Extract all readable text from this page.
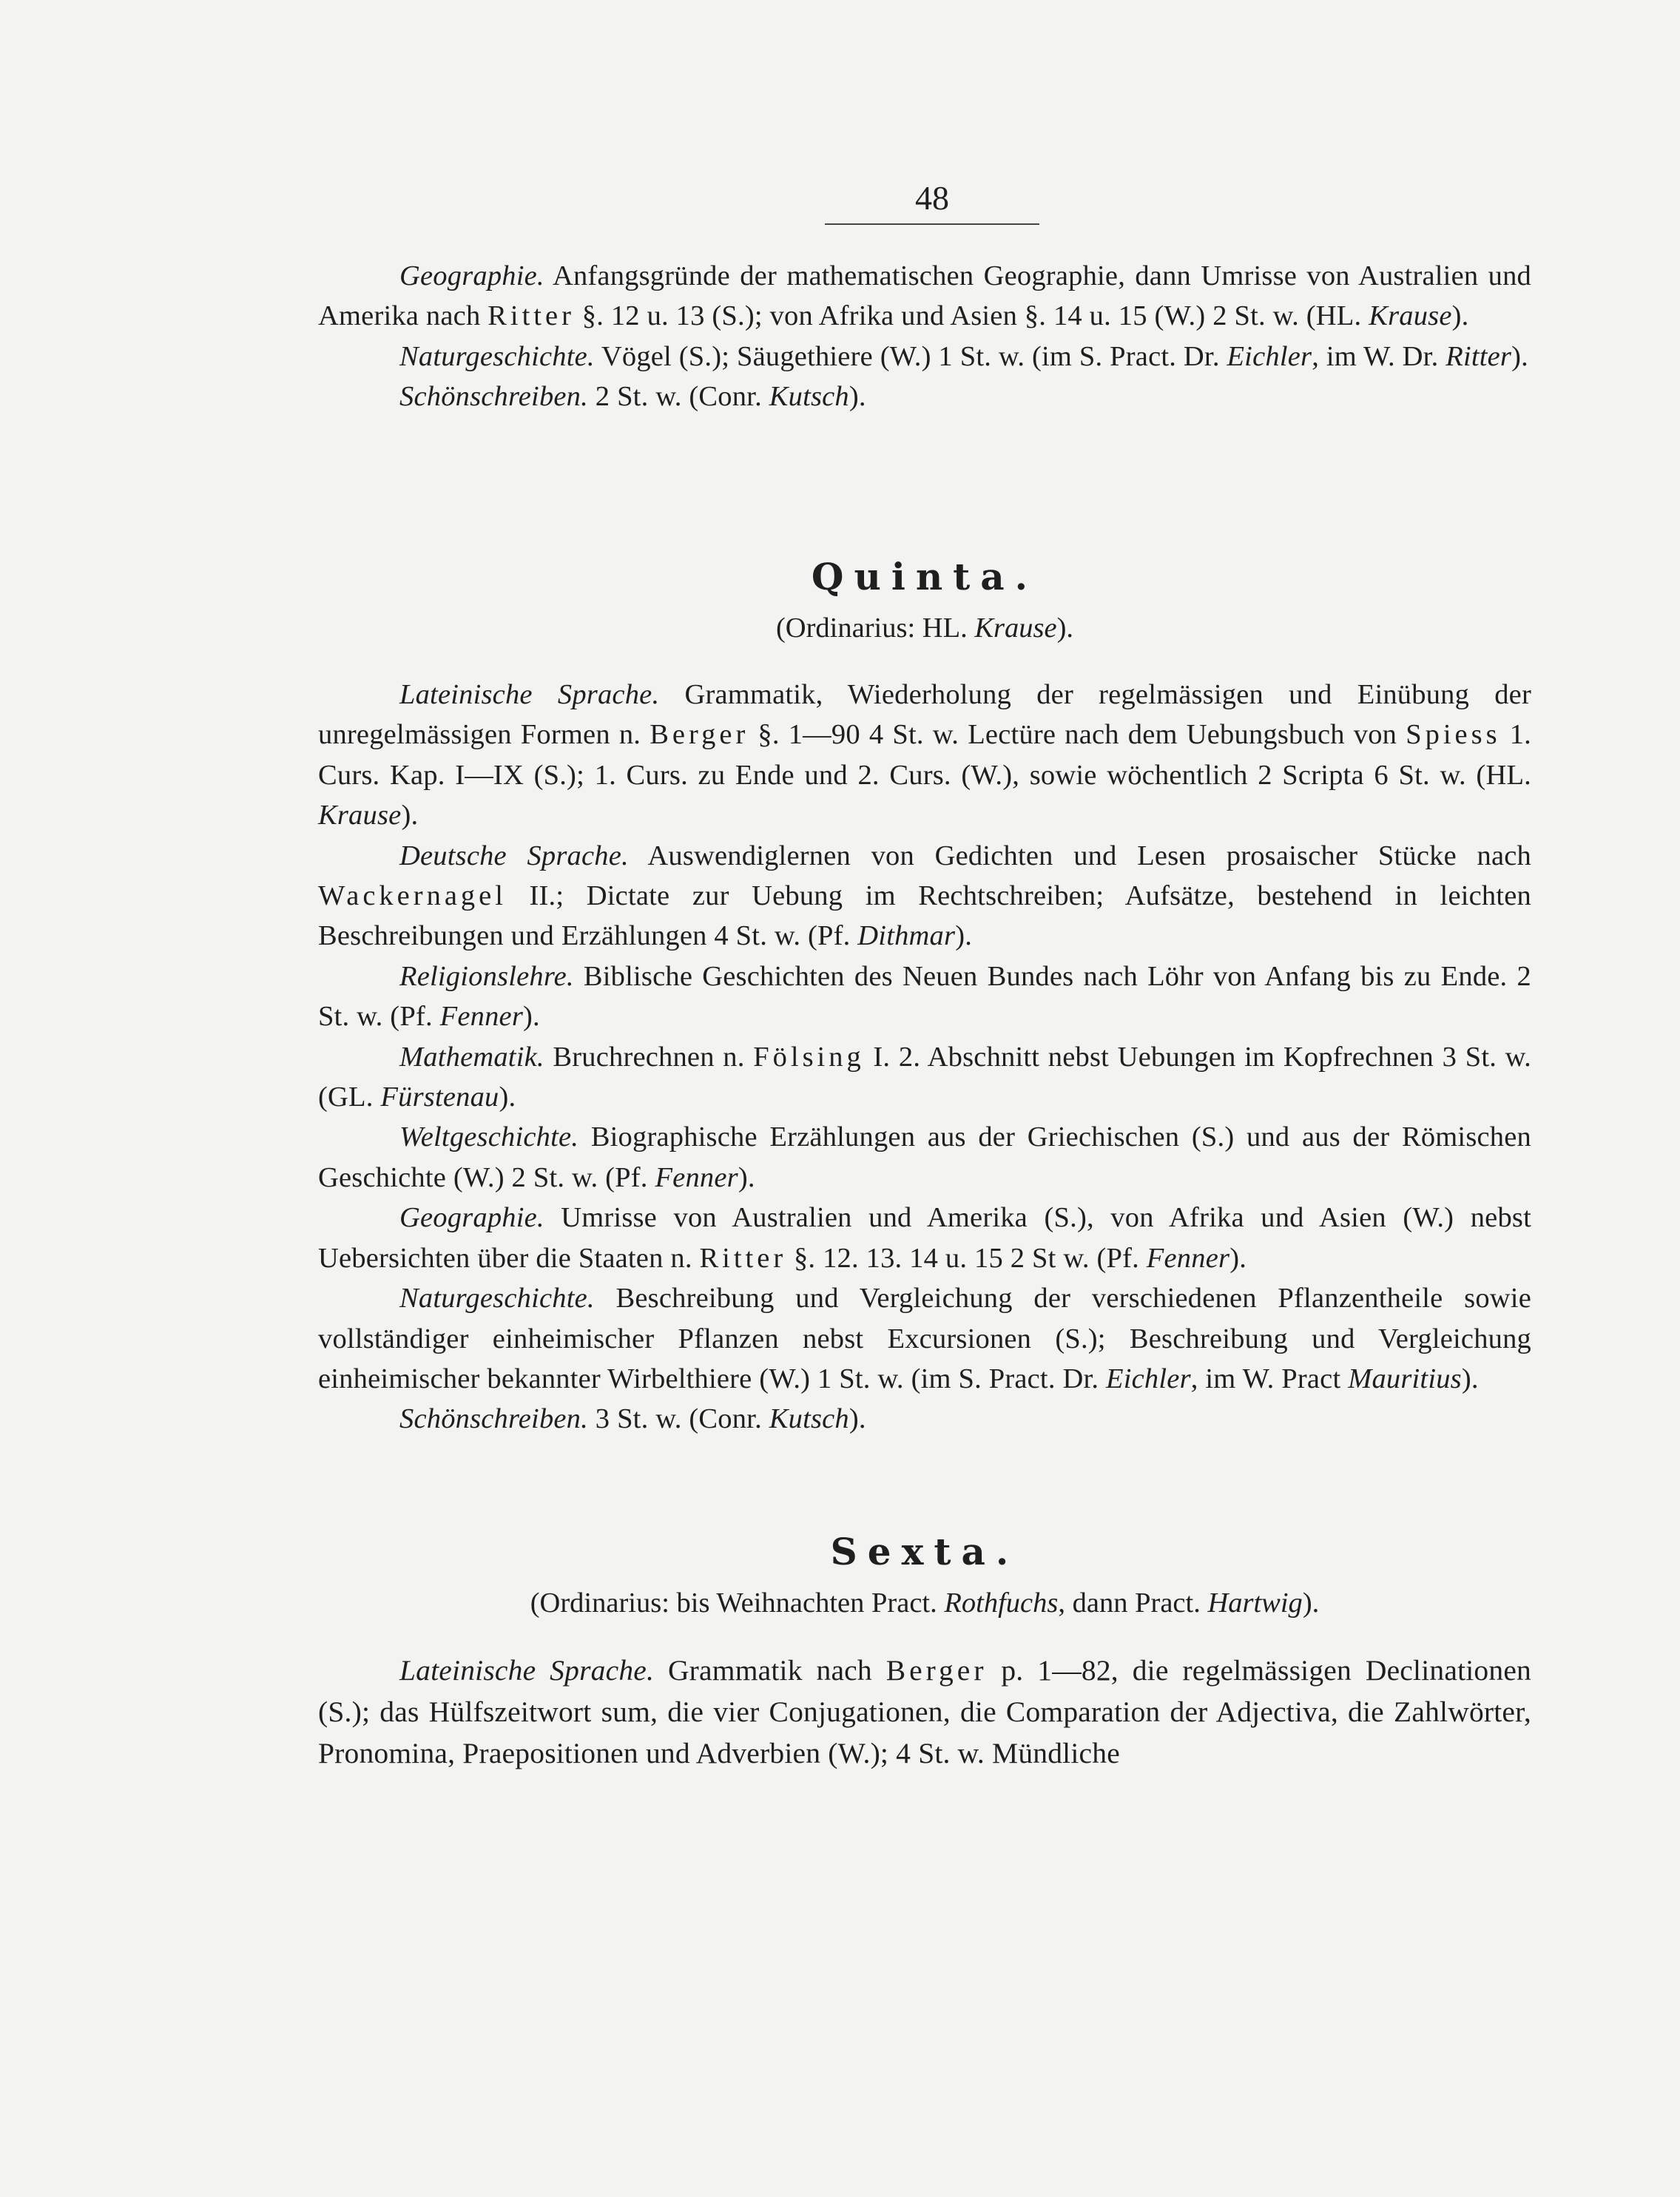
48

Geographie. Anfangsgründe der mathematischen Geographie, dann Umrisse von Australien und Amerika nach Ritter §. 12 u. 13 (S.); von Afrika und Asien §. 14 u. 15 (W.) 2 St. w. (HL. Krause).

Naturgeschichte. Vögel (S.); Säugethiere (W.) 1 St. w. (im S. Pract. Dr. Eichler, im W. Dr. Ritter).

Schönschreiben. 2 St. w. (Conr. Kutsch).

Quinta.
(Ordinarius: HL. Krause).

Lateinische Sprache. Grammatik, Wiederholung der regelmässigen und Einübung der unregelmässigen Formen n. Berger §. 1—90 4 St. w. Lectüre nach dem Uebungsbuch von Spiess 1. Curs. Kap. I—IX (S.); 1. Curs. zu Ende und 2. Curs. (W.), sowie wöchentlich 2 Scripta 6 St. w. (HL. Krause).

Deutsche Sprache. Auswendiglernen von Gedichten und Lesen prosaischer Stücke nach Wackernagel II.; Dictate zur Uebung im Rechtschreiben; Aufsätze, bestehend in leichten Beschreibungen und Erzählungen 4 St. w. (Pf. Dithmar).

Religionslehre. Biblische Geschichten des Neuen Bundes nach Löhr von Anfang bis zu Ende. 2 St. w. (Pf. Fenner).

Mathematik. Bruchrechnen n. Fölsing I. 2. Abschnitt nebst Uebungen im Kopfrechnen 3 St. w. (GL. Fürstenau).

Weltgeschichte. Biographische Erzählungen aus der Griechischen (S.) und aus der Römischen Geschichte (W.) 2 St. w. (Pf. Fenner).

Geographie. Umrisse von Australien und Amerika (S.), von Afrika und Asien (W.) nebst Uebersichten über die Staaten n. Ritter §. 12. 13. 14 u. 15 2 St w. (Pf. Fenner).

Naturgeschichte. Beschreibung und Vergleichung der verschiedenen Pflanzentheile sowie vollständiger einheimischer Pflanzen nebst Excursionen (S.); Beschreibung und Vergleichung einheimischer bekannter Wirbelthiere (W.) 1 St. w. (im S. Pract. Dr. Eichler, im W. Pract Mauritius).

Schönschreiben. 3 St. w. (Conr. Kutsch).

Sexta.
(Ordinarius: bis Weihnachten Pract. Rothfuchs, dann Pract. Hartwig).

Lateinische Sprache. Grammatik nach Berger p. 1—82, die regelmässigen Declinationen (S.); das Hülfszeitwort sum, die vier Conjugationen, die Comparation der Adjectiva, die Zahlwörter, Pronomina, Praepositionen und Adverbien (W.); 4 St. w. Mündliche
